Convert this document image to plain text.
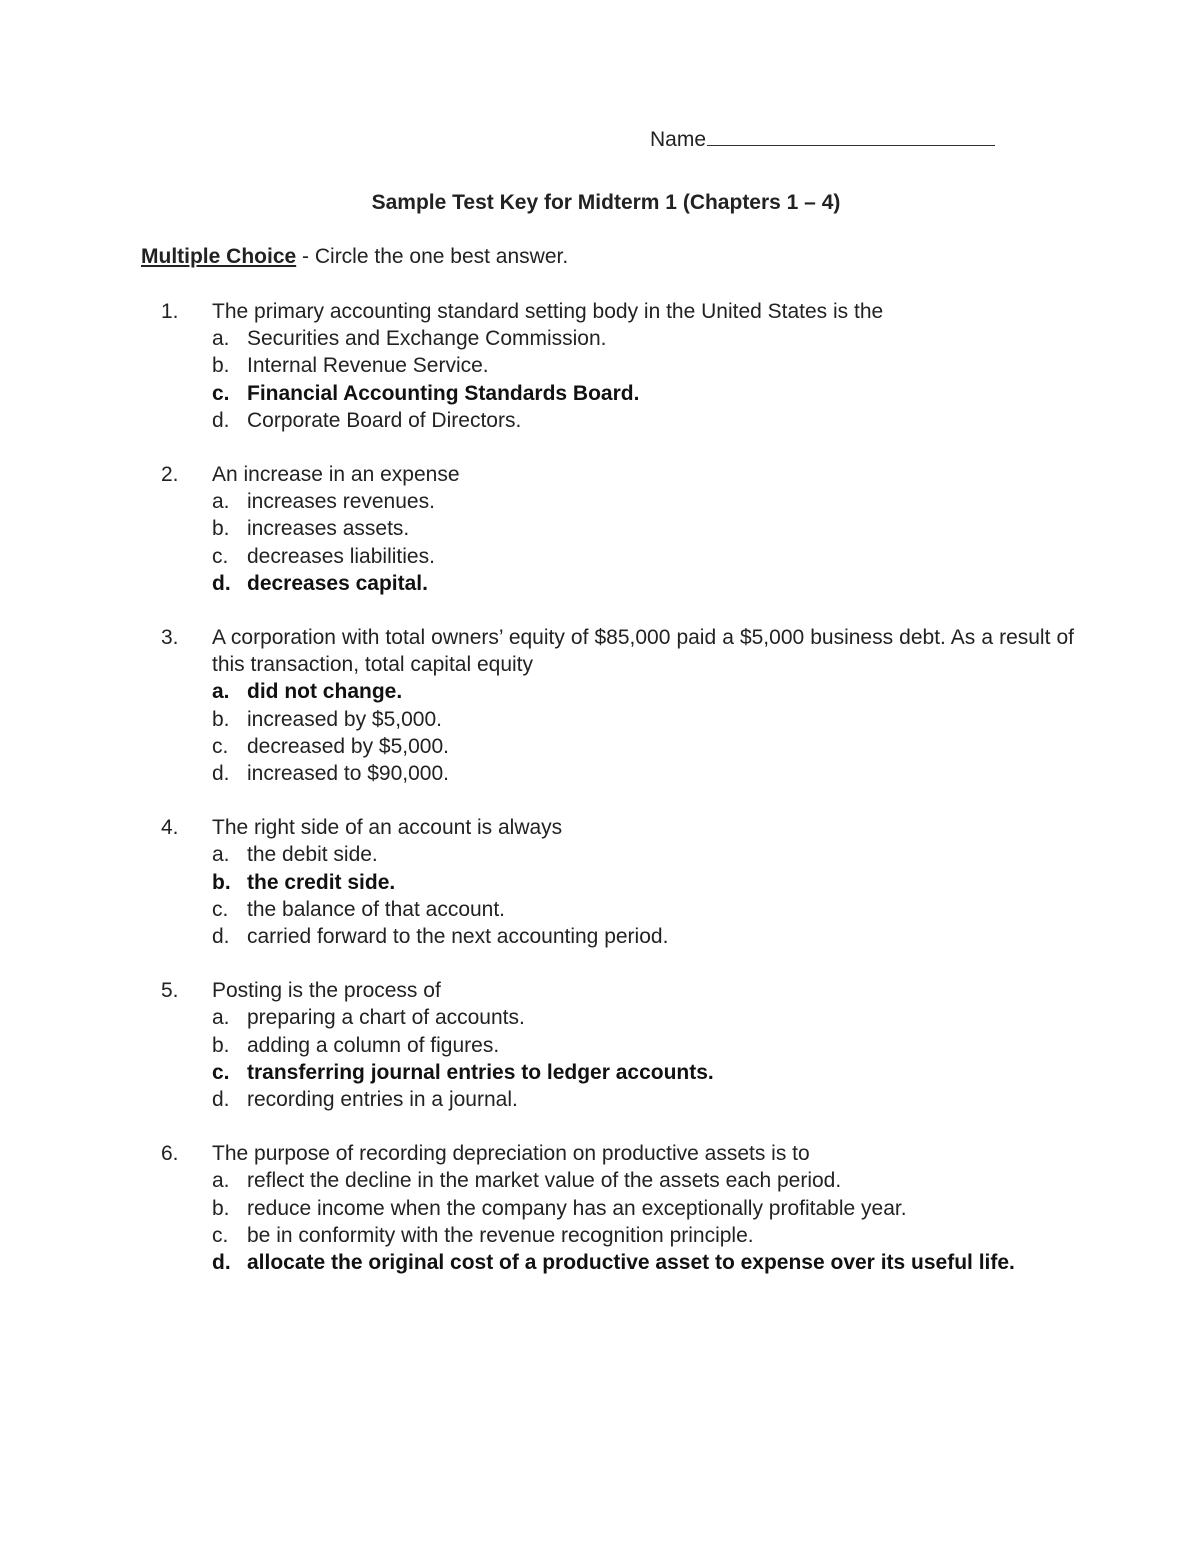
Name
Sample Test Key for Midterm 1 (Chapters 1 – 4)
Multiple Choice - Circle the one best answer.
1.	The primary accounting standard setting body in the United States is the
a. Securities and Exchange Commission.
b. Internal Revenue Service.
c. Financial Accounting Standards Board.
d. Corporate Board of Directors.
2.	An increase in an expense
a. increases revenues.
b. increases assets.
c. decreases liabilities.
d. decreases capital.
3.	A corporation with total owners’ equity of $85,000 paid a $5,000 business debt. As a result of this transaction, total capital equity
a. did not change.
b. increased by $5,000.
c. decreased by $5,000.
d. increased to $90,000.
4.	The right side of an account is always
a. the debit side.
b. the credit side.
c. the balance of that account.
d. carried forward to the next accounting period.
5.	Posting is the process of
a. preparing a chart of accounts.
b. adding a column of figures.
c. transferring journal entries to ledger accounts.
d. recording entries in a journal.
6.	The purpose of recording depreciation on productive assets is to
a. reflect the decline in the market value of the assets each period.
b. reduce income when the company has an exceptionally profitable year.
c. be in conformity with the revenue recognition principle.
d. allocate the original cost of a productive asset to expense over its useful life.
